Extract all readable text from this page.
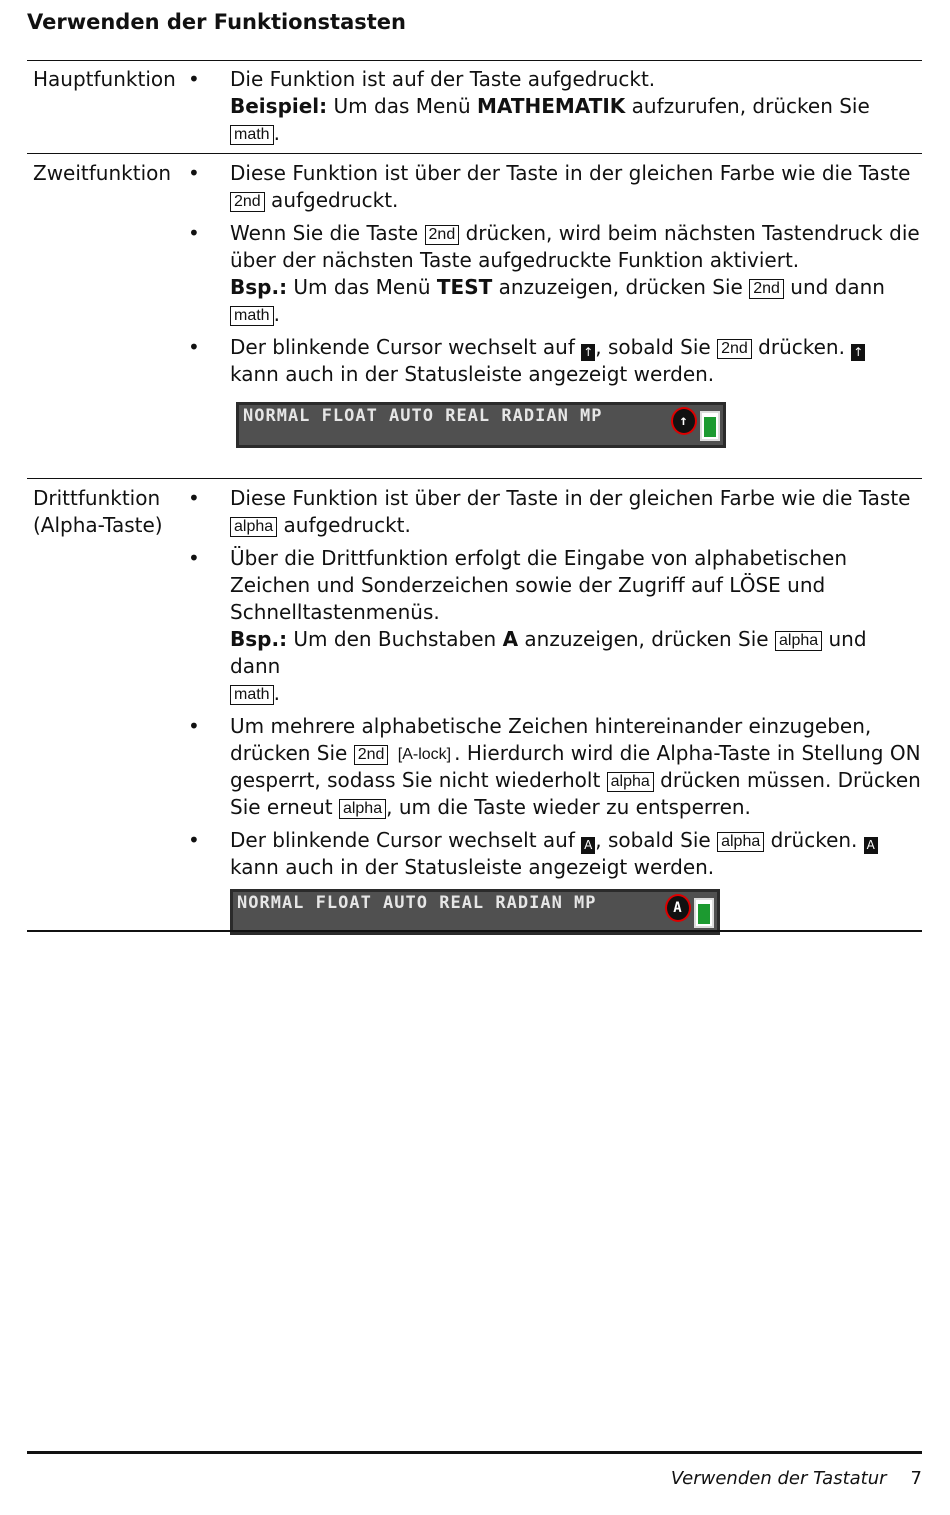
Verwenden der Funktionstasten
Hauptfunktion • Die Funktion ist auf der Taste aufgedruckt.
Beispiel: Um das Menü MATHEMATIK aufzurufen, drücken Sie
math .
Zweitfunktion • Diese Funktion ist über der Taste in der gleichen Farbe wie die Taste 2nd aufgedruckt.
• Wenn Sie die Taste 2nd drücken, wird beim nächsten Tastendruck die über der nächsten Taste aufgedruckte Funktion aktiviert.
Bsp.: Um das Menü TEST anzuzeigen, drücken Sie 2nd und dann
math .
• Der blinkende Cursor wechselt auf ↑, sobald Sie 2nd drücken. ↑
kann auch in der Statusleiste angezeigt werden.
NORMAL FLOAT AUTO REAL RADIAN MP	↑
Drittfunktion
(Alpha-Taste)
• Diese Funktion ist über der Taste in der gleichen Farbe wie die Taste alpha aufgedruckt.
• Über die Drittfunktion erfolgt die Eingabe von alphabetischen Zeichen und Sonderzeichen sowie der Zugriff auf LÖSE und Schnelltastenmenüs.
Bsp.: Um den Buchstaben A anzuzeigen, drücken Sie alpha und dann
math .
• Um mehrere alphabetische Zeichen hintereinander einzugeben, drücken Sie 2nd [A-lock] . Hierdurch wird die Alpha-Taste in Stellung ON gesperrt, sodass Sie nicht wiederholt alpha drücken müssen. Drücken Sie erneut alpha , um die Taste wieder zu entsperren.
• Der blinkende Cursor wechselt auf A , sobald Sie alpha drücken. A
kann auch in der Statusleiste angezeigt werden.
NORMAL FLOAT AUTO REAL RADIAN MP	A
Verwenden der Tastatur 7
